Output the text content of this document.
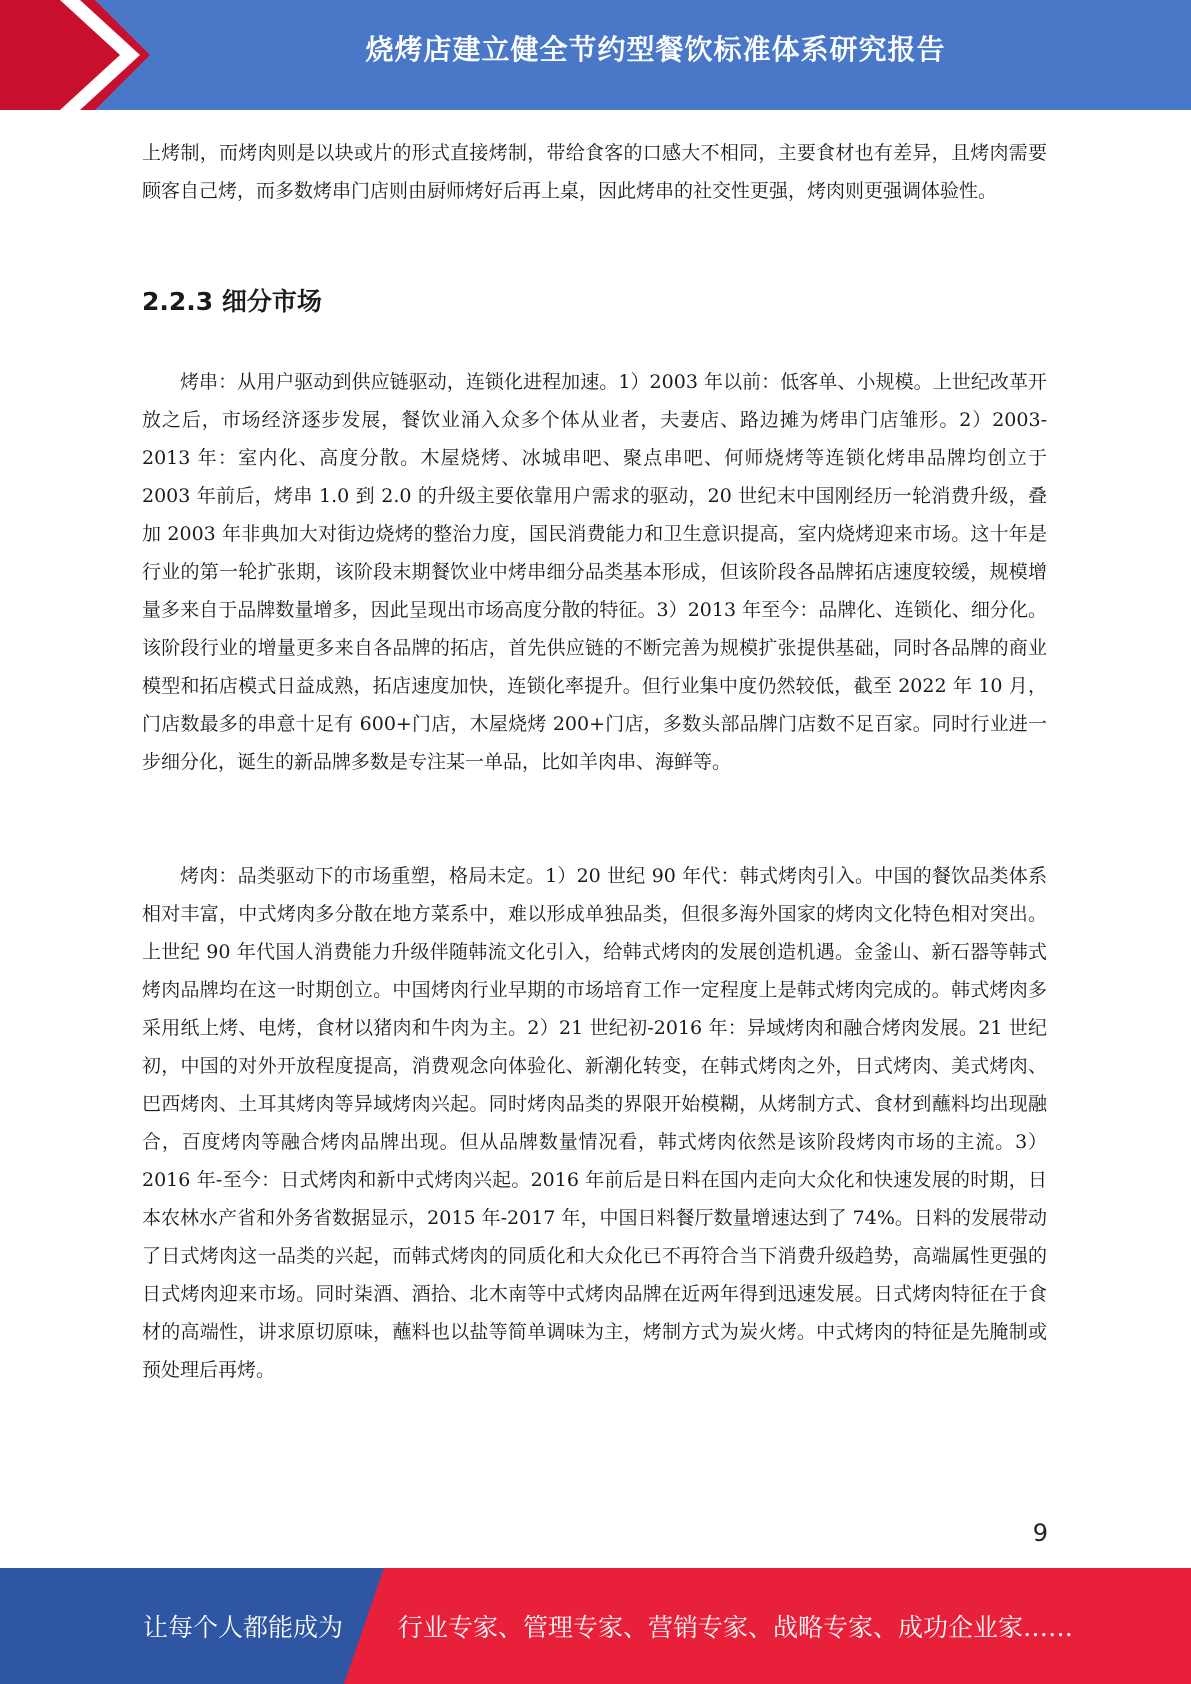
烧烤店建立健全节约型餐饮标准体系研究报告

上烤制，而烤肉则是以块或片的形式直接烤制，带给食客的口感大不相同，主要食材也有差异，且烤肉需要顾客自己烤，而多数烤串门店则由厨师烤好后再上桌，因此烤串的社交性更强，烤肉则更强调体验性。

2.2.3 细分市场

烤串：从用户驱动到供应链驱动，连锁化进程加速。1）2003 年以前：低客单、小规模。上世纪改革开放之后，市场经济逐步发展，餐饮业涌入众多个体从业者，夫妻店、路边摊为烤串门店雏形。2）2003-2013 年：室内化、高度分散。木屋烧烤、冰城串吧、聚点串吧、何师烧烤等连锁化烤串品牌均创立于 2003 年前后，烤串 1.0 到 2.0 的升级主要依靠用户需求的驱动，20 世纪末中国刚经历一轮消费升级，叠加 2003 年非典加大对街边烧烤的整治力度，国民消费能力和卫生意识提高，室内烧烤迎来市场。这十年是行业的第一轮扩张期，该阶段末期餐饮业中烤串细分品类基本形成，但该阶段各品牌拓店速度较缓，规模增量多来自于品牌数量增多，因此呈现出市场高度分散的特征。3）2013 年至今：品牌化、连锁化、细分化。该阶段行业的增量更多来自各品牌的拓店，首先供应链的不断完善为规模扩张提供基础，同时各品牌的商业模型和拓店模式日益成熟，拓店速度加快，连锁化率提升。但行业集中度仍然较低，截至 2022 年 10 月，门店数最多的串意十足有 600+门店，木屋烧烤 200+门店，多数头部品牌门店数不足百家。同时行业进一步细分化，诞生的新品牌多数是专注某一单品，比如羊肉串、海鲜等。

烤肉：品类驱动下的市场重塑，格局未定。1）20 世纪 90 年代：韩式烤肉引入。中国的餐饮品类体系相对丰富，中式烤肉多分散在地方菜系中，难以形成单独品类，但很多海外国家的烤肉文化特色相对突出。上世纪 90 年代国人消费能力升级伴随韩流文化引入，给韩式烤肉的发展创造机遇。金釜山、新石器等韩式烤肉品牌均在这一时期创立。中国烤肉行业早期的市场培育工作一定程度上是韩式烤肉完成的。韩式烤肉多采用纸上烤、电烤，食材以猪肉和牛肉为主。2）21 世纪初-2016 年：异域烤肉和融合烤肉发展。21 世纪初，中国的对外开放程度提高，消费观念向体验化、新潮化转变，在韩式烤肉之外，日式烤肉、美式烤肉、巴西烤肉、土耳其烤肉等异域烤肉兴起。同时烤肉品类的界限开始模糊，从烤制方式、食材到蘸料均出现融合，百度烤肉等融合烤肉品牌出现。但从品牌数量情况看，韩式烤肉依然是该阶段烤肉市场的主流。3）2016 年-至今：日式烤肉和新中式烤肉兴起。2016 年前后是日料在国内走向大众化和快速发展的时期，日本农林水产省和外务省数据显示，2015 年-2017 年，中国日料餐厅数量增速达到了 74%。日料的发展带动了日式烤肉这一品类的兴起，而韩式烤肉的同质化和大众化已不再符合当下消费升级趋势，高端属性更强的日式烤肉迎来市场。同时柒酒、酒拾、北木南等中式烤肉品牌在近两年得到迅速发展。日式烤肉特征在于食材的高端性，讲求原切原味，蘸料也以盐等简单调味为主，烤制方式为炭火烤。中式烤肉的特征是先腌制或预处理后再烤。

9
让每个人都能成为 行业专家、管理专家、营销专家、战略专家、成功企业家……
